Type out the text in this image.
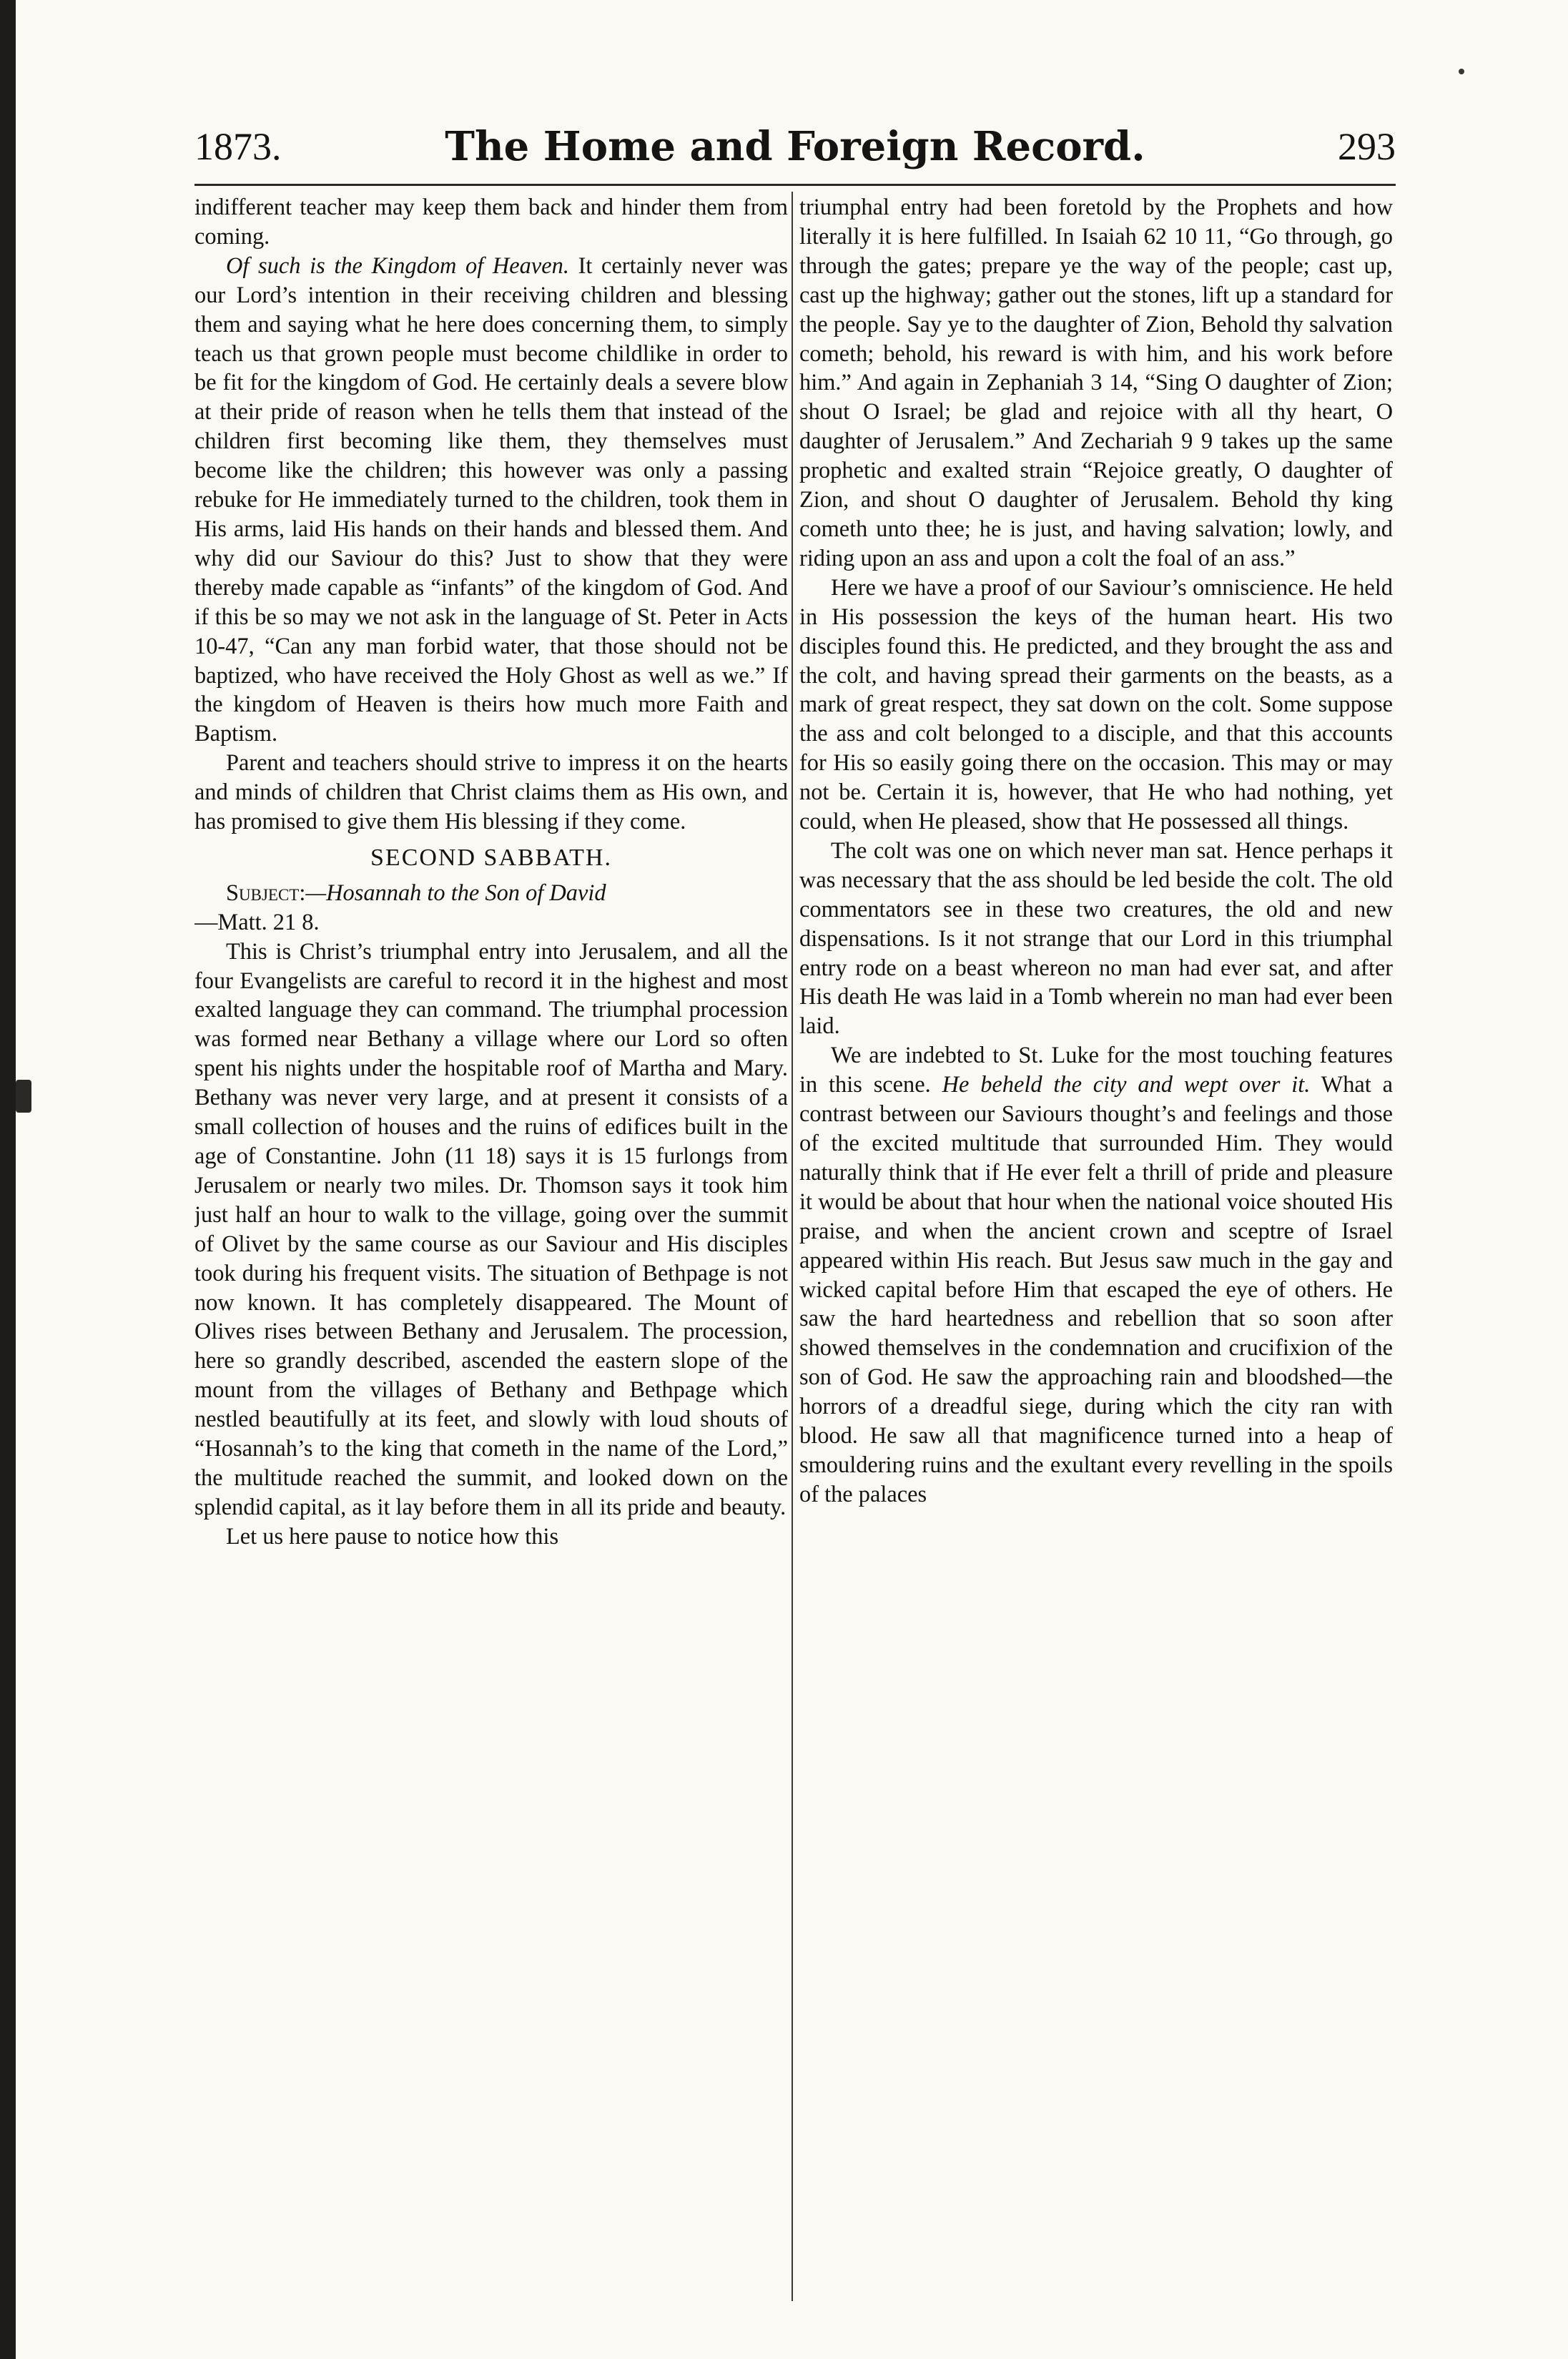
1873.	The Home and Foreign Record.	293

indifferent teacher may keep them back and hinder them from coming.

Of such is the Kingdom of Heaven. It certainly never was our Lord’s intention in their receiving children and blessing them and saying what he here does concerning them, to simply teach us that grown people must become childlike in order to be fit for the kingdom of God. He certainly deals a severe blow at their pride of reason when he tells them that instead of the children first becoming like them, they themselves must become like the children; this however was only a passing rebuke for He immediately turned to the children, took them in His arms, laid His hands on their hands and blessed them. And why did our Saviour do this? Just to show that they were thereby made capable as “infants” of the kingdom of God. And if this be so may we not ask in the language of St. Peter in Acts 10-47, “Can any man forbid water, that those should not be baptized, who have received the Holy Ghost as well as we.” If the kingdom of Heaven is theirs how much more Faith and Baptism.

Parent and teachers should strive to impress it on the hearts and minds of children that Christ claims them as His own, and has promised to give them His blessing if they come.

SECOND SABBATH.

Subject:—Hosannah to the Son of David

—Matt. 21 8.

This is Christ’s triumphal entry into Jerusalem, and all the four Evangelists are careful to record it in the highest and most exalted language they can command. The triumphal procession was formed near Bethany a village where our Lord so often spent his nights under the hospitable roof of Martha and Mary. Bethany was never very large, and at present it consists of a small collection of houses and the ruins of edifices built in the age of Constantine. John (11 18) says it is 15 furlongs from Jerusalem or nearly two miles. Dr. Thomson says it took him just half an hour to walk to the village, going over the summit of Olivet by the same course as our Saviour and His disciples took during his frequent visits. The situation of Bethpage is not now known. It has completely disappeared. The Mount of Olives rises between Bethany and Jerusalem. The procession, here so grandly described, ascended the eastern slope of the mount from the villages of Bethany and Bethpage which nestled beautifully at its feet, and slowly with loud shouts of “Hosannah’s to the king that cometh in the name of the Lord,” the multitude reached the summit, and looked down on the splendid capital, as it lay before them in all its pride and beauty.

Let us here pause to notice how this

triumphal entry had been foretold by the Prophets and how literally it is here fulfilled. In Isaiah 62 10 11, “Go through, go through the gates; prepare ye the way of the people; cast up, cast up the highway; gather out the stones, lift up a standard for the people. Say ye to the daughter of Zion, Behold thy salvation cometh; behold, his reward is with him, and his work before him.” And again in Zephaniah 3 14, “Sing O daughter of Zion; shout O Israel; be glad and rejoice with all thy heart, O daughter of Jerusalem.” And Zechariah 9 9 takes up the same prophetic and exalted strain “Rejoice greatly, O daughter of Zion, and shout O daughter of Jerusalem. Behold thy king cometh unto thee; he is just, and having salvation; lowly, and riding upon an ass and upon a colt the foal of an ass.”

Here we have a proof of our Saviour’s omniscience. He held in His possession the keys of the human heart. His two disciples found this. He predicted, and they brought the ass and the colt, and having spread their garments on the beasts, as a mark of great respect, they sat down on the colt. Some suppose the ass and colt belonged to a disciple, and that this accounts for His so easily going there on the occasion. This may or may not be. Certain it is, however, that He who had nothing, yet could, when He pleased, show that He possessed all things.

The colt was one on which never man sat. Hence perhaps it was necessary that the ass should be led beside the colt. The old commentators see in these two creatures, the old and new dispensations. Is it not strange that our Lord in this triumphal entry rode on a beast whereon no man had ever sat, and after His death He was laid in a Tomb wherein no man had ever been laid.

We are indebted to St. Luke for the most touching features in this scene. He beheld the city and wept over it. What a contrast between our Saviours thought’s and feelings and those of the excited multitude that surrounded Him. They would naturally think that if He ever felt a thrill of pride and pleasure it would be about that hour when the national voice shouted His praise, and when the ancient crown and sceptre of Israel appeared within His reach. But Jesus saw much in the gay and wicked capital before Him that escaped the eye of others. He saw the hard heartedness and rebellion that so soon after showed themselves in the condemnation and crucifixion of the son of God. He saw the approaching rain and bloodshed—the horrors of a dreadful siege, during which the city ran with blood. He saw all that magnificence turned into a heap of smouldering ruins and the exultant every revelling in the spoils of the palaces
